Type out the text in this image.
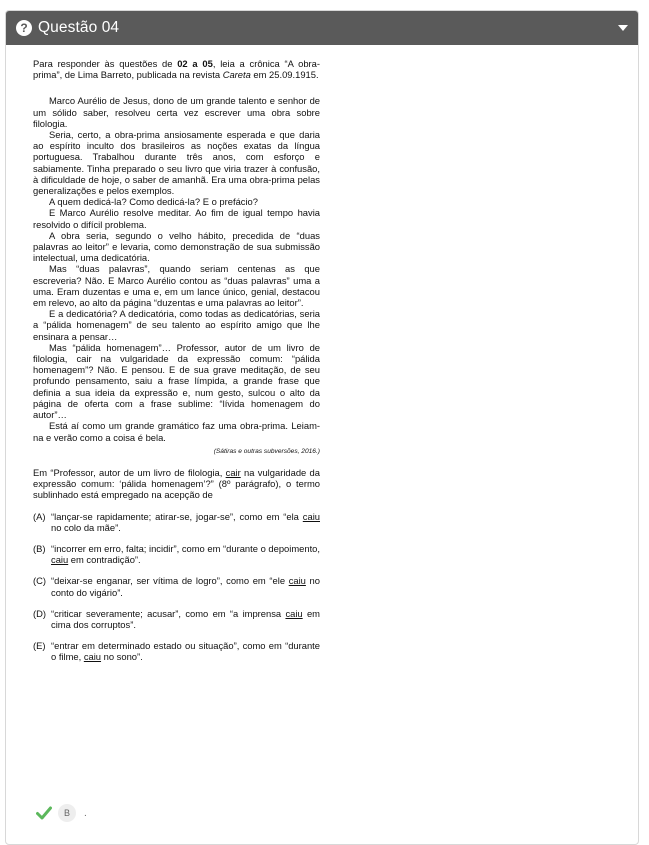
? Questão 04

Para responder às questões de 02 a 05, leia a crônica “A obra-prima”, de Lima Barreto, publicada na revista Careta em 25.09.1915.

Marco Aurélio de Jesus, dono de um grande talento e senhor de um sólido saber, resolveu certa vez escrever uma obra sobre filologia.

Seria, certo, a obra-prima ansiosamente esperada e que daria ao espírito inculto dos brasileiros as noções exatas da língua portuguesa. Trabalhou durante três anos, com esforço e sabiamente. Tinha preparado o seu livro que viria trazer à confusão, à dificuldade de hoje, o saber de amanhã. Era uma obra-prima pelas generalizações e pelos exemplos.

A quem dedicá-la? Como dedicá-la? E o prefácio?

E Marco Aurélio resolve meditar. Ao fim de igual tempo havia resolvido o difícil problema.

A obra seria, segundo o velho hábito, precedida de “duas palavras ao leitor” e levaria, como demonstração de sua submissão intelectual, uma dedicatória.

Mas “duas palavras”, quando seriam centenas as que escreveria? Não. E Marco Aurélio contou as “duas palavras” uma a uma. Eram duzentas e uma e, em um lance único, genial, destacou em relevo, ao alto da página “duzentas e uma palavras ao leitor”.

E a dedicatória? A dedicatória, como todas as dedicatórias, seria a “pálida homenagem” de seu talento ao espírito amigo que lhe ensinara a pensar…

Mas “pálida homenagem”… Professor, autor de um livro de filologia, cair na vulgaridade da expressão comum: “pálida homenagem”? Não. E pensou. E de sua grave meditação, de seu profundo pensamento, saiu a frase límpida, a grande frase que definia a sua ideia da expressão e, num gesto, sulcou o alto da página de oferta com a frase sublime: “lívida homenagem do autor”…

Está aí como um grande gramático faz uma obra-prima. Leiam-na e verão como a coisa é bela.

(Sátiras e outras subversões, 2016.)

Em “Professor, autor de um livro de filologia, cair na vulgaridade da expressão comum: ‘pálida homenagem’?” (8º parágrafo), o termo sublinhado está empregado na acepção de

(A) “lançar-se rapidamente; atirar-se, jogar-se”, como em “ela caiu no colo da mãe”.
(B) “incorrer em erro, falta; incidir”, como em “durante o depoimento, caiu em contradição”.
(C) “deixar-se enganar, ser vítima de logro”, como em “ele caiu no conto do vigário”.
(D) “criticar severamente; acusar”, como em “a imprensa caiu em cima dos corruptos”.
(E) “entrar em determinado estado ou situação”, como em “durante o filme, caiu no sono”.
B	.
